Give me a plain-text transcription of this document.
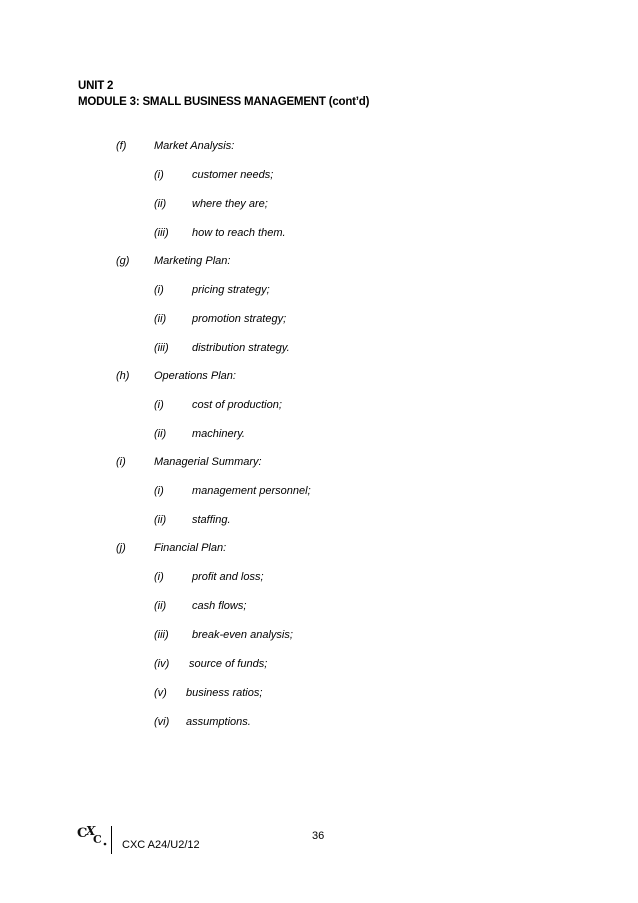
UNIT 2
MODULE 3: SMALL BUSINESS MANAGEMENT (cont’d)
(f)	Market Analysis:
(i)	customer needs;
(ii) where they are;
(iii) how to reach them.
(g) Marketing Plan:
(i)	pricing strategy;
(ii) promotion strategy;
(iii) distribution strategy.
(h) Operations Plan:
(i)	cost of production;
(ii) machinery.
(i)	Managerial Summary:
(i)	management personnel;
(ii) staffing.
(j)	Financial Plan:
(i)	profit and loss;
(ii) cash flows;
(iii) break-even analysis;
(iv) source of funds;
(v) business ratios;
(vi) assumptions.
C
X
C CXC A24/U2/12
36
